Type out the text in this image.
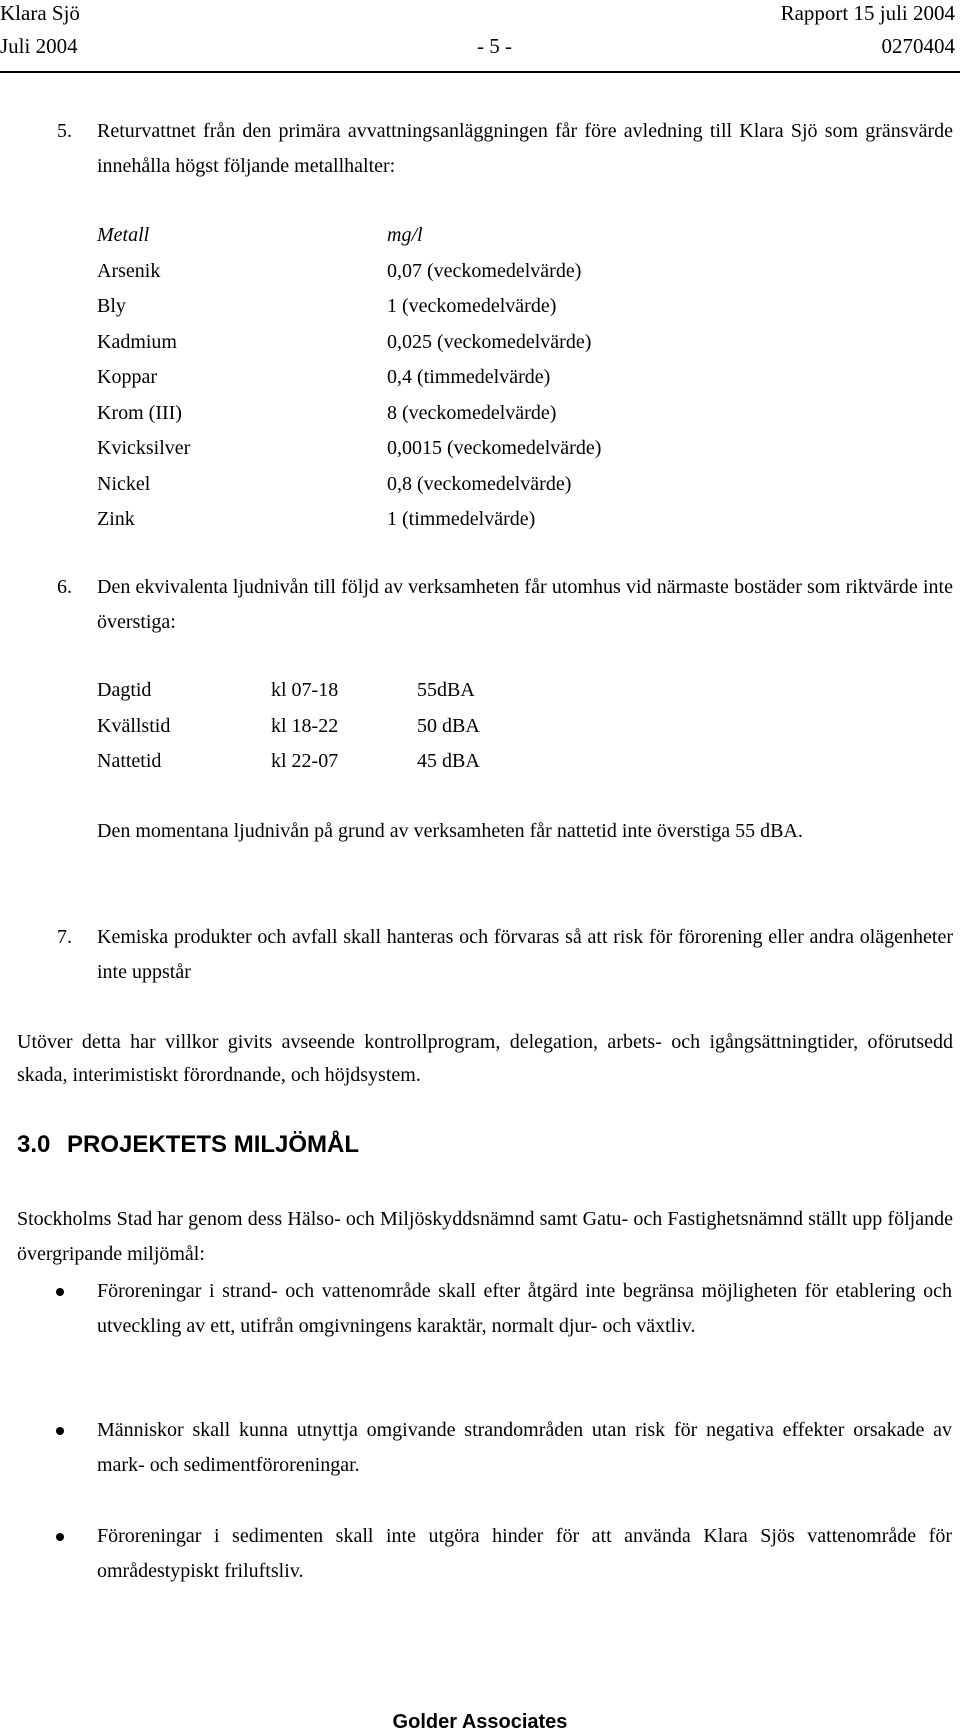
Klara Sjö	Rapport 15 juli 2004
Juli 2004	- 5 -	0270404
5. Returvattnet från den primära avvattningsanläggningen får före avledning till Klara Sjö som gränsvärde innehålla högst följande metallhalter:
Metall	mg/l
Arsenik	0,07 (veckomedelvärde)
Bly	1 (veckomedelvärde)
Kadmium	0,025 (veckomedelvärde)
Koppar	0,4 (timmedelvärde)
Krom (III)	8 (veckomedelvärde)
Kvicksilver	0,0015 (veckomedelvärde)
Nickel	0,8 (veckomedelvärde)
Zink	1 (timmedelvärde)
6. Den ekvivalenta ljudnivån till följd av verksamheten får utomhus vid närmaste bostäder som riktvärde inte överstiga:
Dagtid	kl 07-18	55dBA
Kvällstid	kl 18-22	50 dBA
Nattetid	kl 22-07	45 dBA
Den momentana ljudnivån på grund av verksamheten får nattetid inte överstiga 55 dBA.
7. Kemiska produkter och avfall skall hanteras och förvaras så att risk för förorening eller andra olägenheter inte uppstår
Utöver detta har villkor givits avseende kontrollprogram, delegation, arbets- och igångsättningtider, oförutsedd skada, interimistiskt förordnande, och höjdsystem.
3.0 PROJEKTETS MILJÖMÅL
Stockholms Stad har genom dess Hälso- och Miljöskyddsnämnd samt Gatu- och Fastighetsnämnd ställt upp följande övergripande miljömål:
Föroreningar i strand- och vattenområde skall efter åtgärd inte begränsa möjligheten för etablering och utveckling av ett, utifrån omgivningens karaktär, normalt djur- och växtliv.
Människor skall kunna utnyttja omgivande strandområden utan risk för negativa effekter orsakade av mark- och sedimentföroreningar.
Föroreningar i sedimenten skall inte utgöra hinder för att använda Klara Sjös vattenområde för områdestypiskt friluftsliv.
Golder Associates
